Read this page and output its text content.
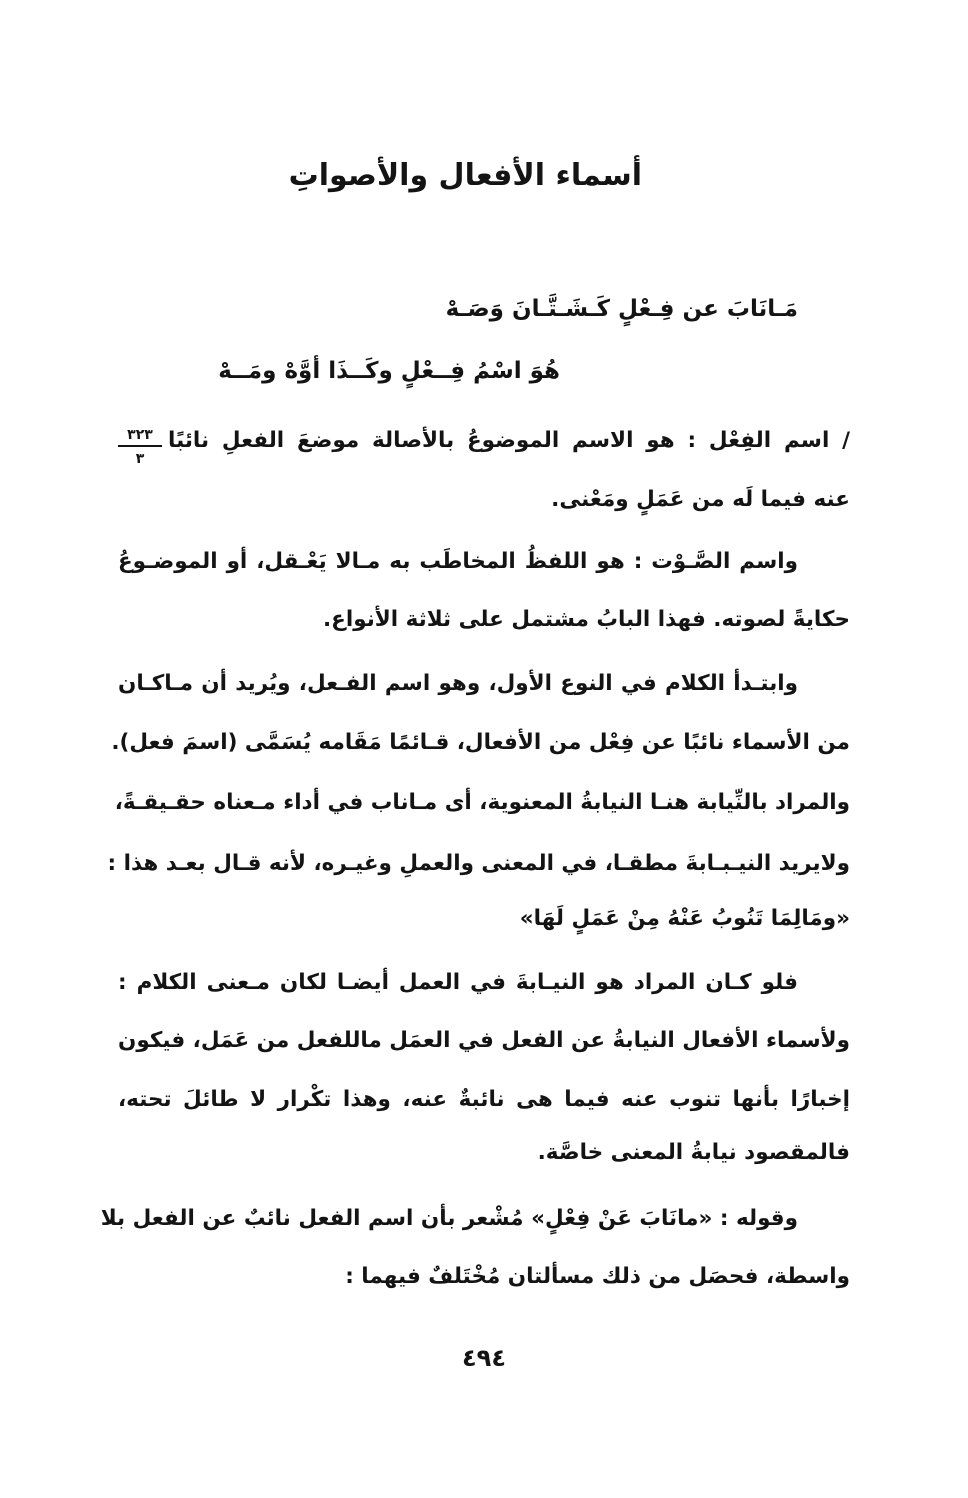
أسماء الأفعال والأصواتِ
مَـانَابَ عن فِـعْلٍ كَـشَـتَّـانَ وَصَـهْ
هُوَ اسْمُ فِــعْلٍ وكَــذَا أوَّهْ ومَــهْ
٣٢٣
٣
/ اسم الفِعْل : هو الاسم الموضوعُ بالأصالة موضعَ الفعلِ نائبًا
عنه فيما لَه من عَمَلٍ ومَعْنى.
واسم الصَّـوْت : هو اللفظُ المخاطَب به مـالا يَعْـقل، أو الموضـوعُ
حكايةً لصوته. فهذا البابُ مشتمل على ثلاثة الأنواع.
وابتـدأ الكلام في النوع الأول، وهو اسم الفـعل، ويُريد أن مـاكـان
من الأسماء نائبًا عن فِعْل من الأفعال، قـائمًا مَقَامه يُسَمَّى (اسمَ فعل).
والمراد بالنِّيابة هنـا النيابةُ المعنوية، أى مـاناب في أداء مـعناه حقـيقـةً،
ولايريد النيـبـابةَ مطقـا، في المعنى والعملِ وغيـره، لأنه قـال بعـد هذا :
«ومَالِمَا تَنُوبُ عَنْهُ مِنْ عَمَلٍ لَهَا»
فلو كـان المراد هو النيـابةَ في العمل أيضـا لكان مـعنى الكلام :
ولأسماء الأفعال النيابةُ عن الفعل في العمَل ماللفعل من عَمَل، فيكون
إخبارًا بأنها تنوب عنه فيما هى نائبةٌ عنه، وهذا تكْرار لا طائلَ تحته،
فالمقصود نيابةُ المعنى خاصَّة.
وقوله : «مانَابَ عَنْ فِعْلٍ» مُشْعر بأن اسم الفعل نائبٌ عن الفعل بلا
واسطة، فحصَل من ذلك مسألتان مُخْتَلفٌ فيهما :
٤٩٤
